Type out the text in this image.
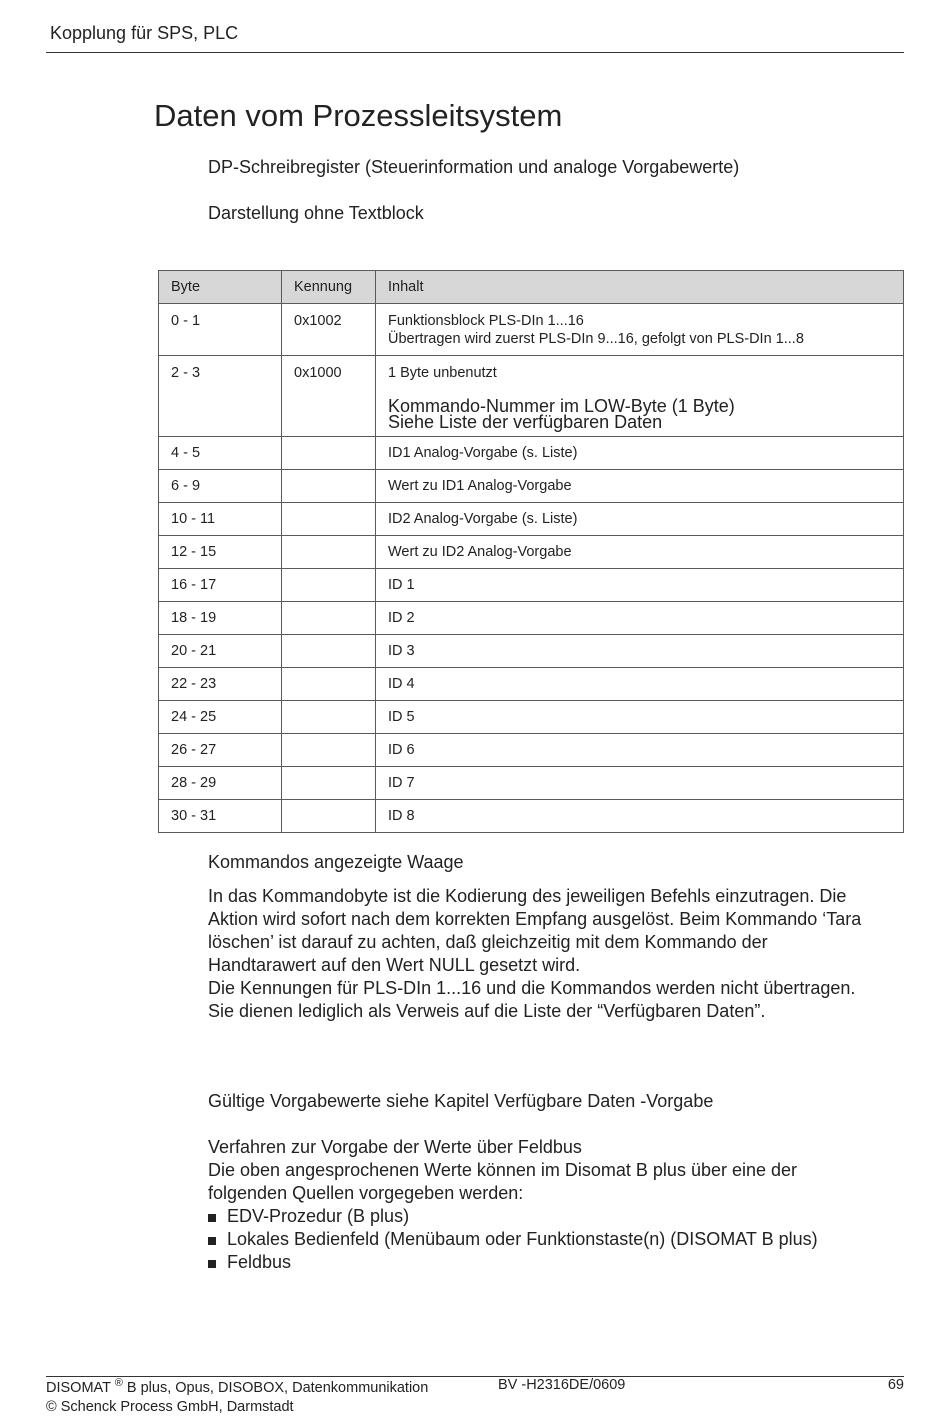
Kopplung für SPS, PLC
Daten vom Prozessleitsystem
DP-Schreibregister (Steuerinformation und analoge Vorgabewerte)
Darstellung ohne Textblock
Byte	Kennung	Inhalt
0 - 1	0x1002	Funktionsblock PLS-DIn 1...16
Übertragen wird zuerst PLS-DIn 9...16, gefolgt von PLS-DIn 1...8

2 - 3	0x1000	1 Byte unbenutzt
Kommando-Nummer im LOW-Byte (1 Byte)
Siehe Liste der verfügbaren Daten

4 - 5		ID1 Analog-Vorgabe (s. Liste)
6 - 9		Wert zu ID1 Analog-Vorgabe
10 - 11		ID2 Analog-Vorgabe (s. Liste)
12 - 15		Wert zu ID2 Analog-Vorgabe
16 - 17		ID 1
18 - 19		ID 2
20 - 21		ID 3
22 - 23		ID 4
24 - 25		ID 5
26 - 27		ID 6
28 - 29		ID 7
30 - 31		ID 8
Kommandos angezeigte Waage
In das Kommandobyte ist die Kodierung des jeweiligen Befehls einzutragen. Die
Aktion wird sofort nach dem korrekten Empfang ausgelöst. Beim Kommando ‘Tara
löschen’ ist darauf zu achten, daß gleichzeitig mit dem Kommando der
Handtarawert auf den Wert NULL gesetzt wird.
Die Kennungen für PLS-DIn 1...16 und die Kommandos werden nicht übertragen.
Sie dienen lediglich als Verweis auf die Liste der “Verfügbaren Daten”.
Gültige Vorgabewerte siehe Kapitel Verfügbare Daten -Vorgabe
Verfahren zur Vorgabe der Werte über Feldbus
Die oben angesprochenen Werte können im Disomat B plus über eine der
folgenden Quellen vorgegeben werden:
EDV-Prozedur (B plus)
Lokales Bedienfeld (Menübaum oder Funktionstaste(n) (DISOMAT B plus)
Feldbus
DISOMAT ® B plus, Opus, DISOBOX, Datenkommunikation
© Schenck Process GmbH, Darmstadt
BV -H2316DE/0609	69
